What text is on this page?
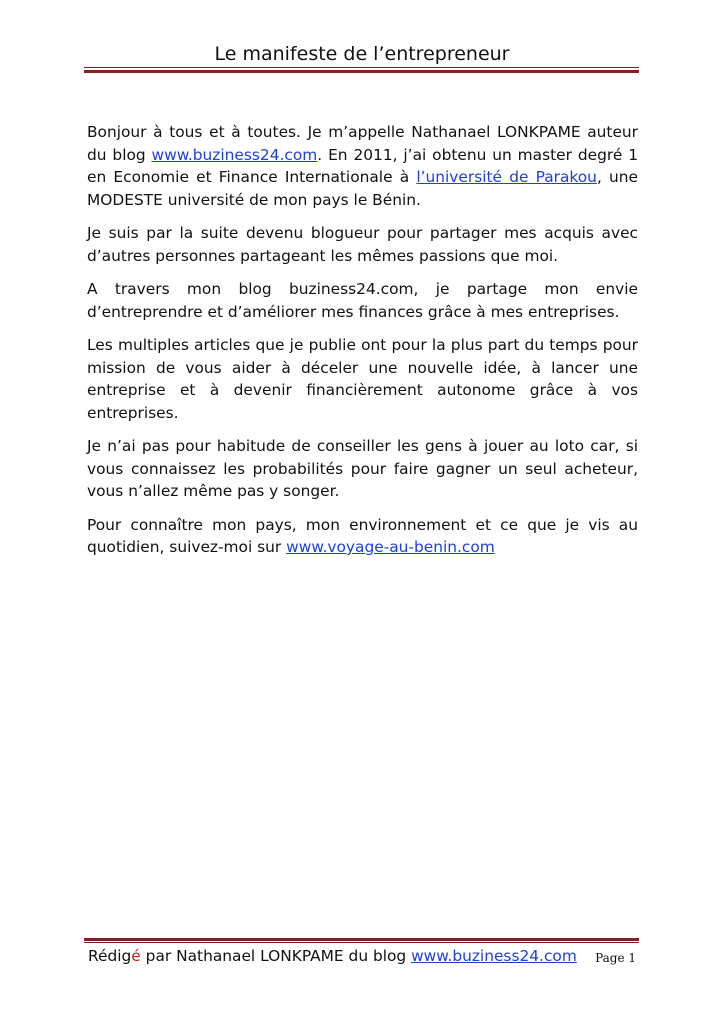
Le manifeste de l’entrepreneur

Bonjour à tous et à toutes. Je m’appelle Nathanael LONKPAME auteur du blog www.buziness24.com. En 2011, j’ai obtenu un master degré 1 en Economie et Finance Internationale à l’université de Parakou, une MODESTE université de mon pays le Bénin.

Je suis par la suite devenu blogueur pour partager mes acquis avec d’autres personnes partageant les mêmes passions que moi.

A travers mon blog buziness24.com, je partage mon envie d’entreprendre et d’améliorer mes finances grâce à mes entreprises.

Les multiples articles que je publie ont pour la plus part du temps pour mission de vous aider à déceler une nouvelle idée, à lancer une entreprise et à devenir financièrement autonome grâce à vos entreprises.

Je n’ai pas pour habitude de conseiller les gens à jouer au loto car, si vous connaissez les probabilités pour faire gagner un seul acheteur, vous n’allez même pas y songer.

Pour connaître mon pays, mon environnement et ce que je vis au quotidien, suivez-moi sur www.voyage-au-benin.com

Rédigé par Nathanael LONKPAME du blog www.buziness24.com Page 1
